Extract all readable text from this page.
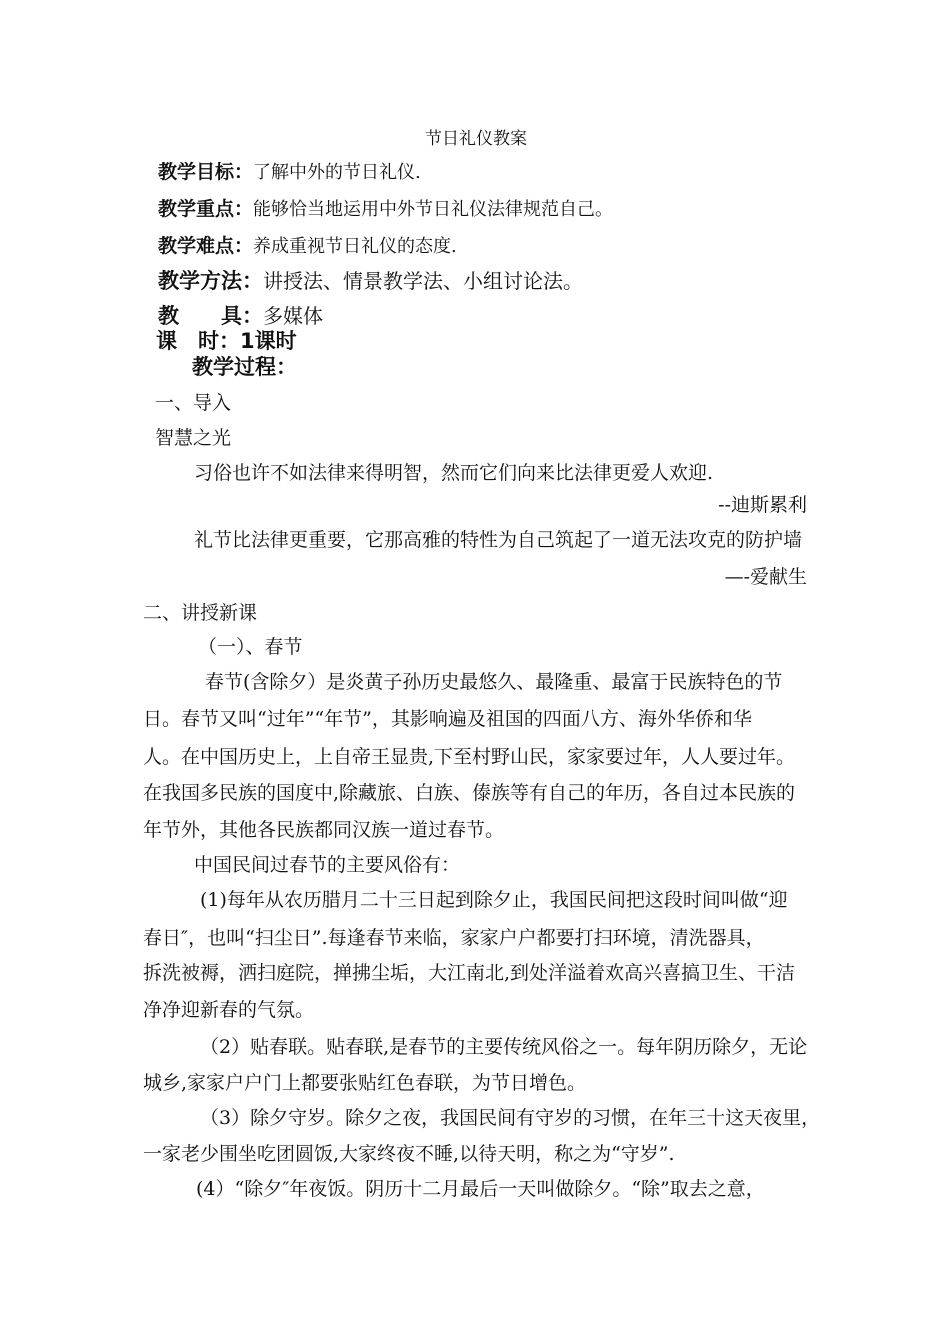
节日礼仪教案
教学目标：了解中外的节日礼仪.
教学重点：能够恰当地运用中外节日礼仪法律规范自己。
教学难点：养成重视节日礼仪的态度.
教学方法：讲授法、情景教学法、小组讨论法。
教　　具：多媒体
课　时：1课时
教学过程：
一、导入
智慧之光
习俗也许不如法律来得明智，然而它们向来比法律更爱人欢迎.
--迪斯累利
礼节比法律更重要，它那高雅的特性为自己筑起了一道无法攻克的防护墙
—-爱献生
二、讲授新课
（一）、春节
春节(含除夕）是炎黄子孙历史最悠久、最隆重、最富于民族特色的节
日。春节又叫“过年”“年节”，其影响遍及祖国的四面八方、海外华侨和华
人。在中国历史上，上自帝王显贵,下至村野山民，家家要过年，人人要过年。
在我国多民族的国度中,除藏旅、白族、傣族等有自己的年历，各自过本民族的
年节外，其他各民族都同汉族一道过春节。
中国民间过春节的主要风俗有：
(1)每年从农历腊月二十三日起到除夕止，我国民间把这段时间叫做“迎
春日″，也叫“扫尘日”.每逢春节来临，家家户户都要打扫环境，清洗器具，
拆洗被褥，洒扫庭院，掸拂尘垢，大江南北,到处洋溢着欢高兴喜搞卫生、干洁
净净迎新春的气氛。
（2）贴春联。贴春联,是春节的主要传统风俗之一。每年阴历除夕，无论
城乡,家家户户门上都要张贴红色春联，为节日增色。
（3）除夕守岁。除夕之夜，我国民间有守岁的习惯，在年三十这天夜里，
一家老少围坐吃团圆饭,大家终夜不睡,以待天明，称之为“守岁”.
(4）“除夕″年夜饭。阴历十二月最后一天叫做除夕。“除”取去之意，
